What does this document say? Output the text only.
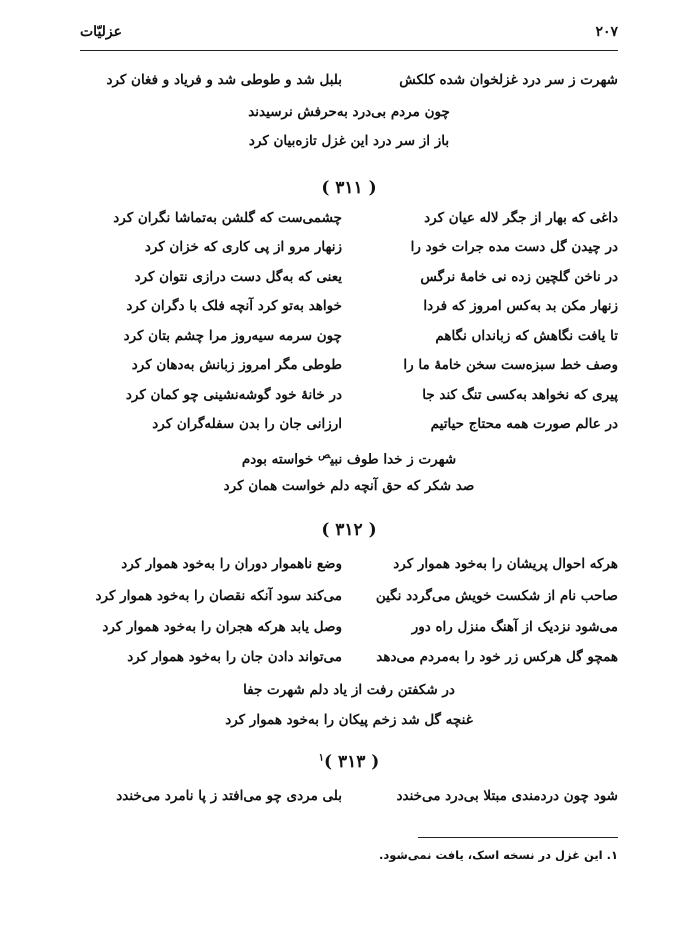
۲۰۷
عزلیّات
شهرت ز سر درد غزلخوان شده کلکش
بلبل شد و طوطی شد و فریاد و فغان کرد
چون مردم بی‌درد به‌حرفش نرسیدند
باز از سر درد این غزل تازه‌بیان کرد
( ۳۱۱ )
داغی که بهار از جگر لاله عیان کرد
چشمی‌ست که گلشن به‌تماشا نگران کرد
در چیدن گل دست مده جرات خود را
زنهار مرو از پی کاری که خزان کرد
در ناخن گلچین زده نی خامهٔ نرگس
یعنی که به‌گل دست درازی نتوان کرد
زنهار مکن بد به‌کس امروز که فردا
خواهد به‌تو کرد آنچه فلک با دگران کرد
تا یافت نگاهش که زبانداں نگاهم
چون سرمه سیه‌روز مرا چشم بتان کرد
وصف خط سبزه‌ست سخن خامهٔ ما را
طوطی مگر امروز زبانش به‌دهان کرد
پیری که نخواهد به‌کسی تنگ کند جا
در خانهٔ خود گوشه‌نشینی چو کمان کرد
در عالم صورت همه محتاج حیاتیم
ارزانی جان را بدن سفله‌گران کرد
شهرت ز خدا طوف نبی$^ص$ خواسته بودم
صد شکر که حق آنچه دلم خواست همان کرد
( ۳۱۲ )
هرکه احوال پریشان را به‌خود هموار کرد
وضع ناهموار دوران را به‌خود هموار کرد
صاحب نام از شکست خویش می‌گردد نگین
می‌کند سود آنکه نقصان را به‌خود هموار کرد
می‌شود نزدیک از آهنگ منزل راه دور
وصل یابد هرکه هجران را به‌خود هموار کرد
همچو گل هرکس زر خود را به‌مردم می‌دهد
می‌تواند دادن جان را به‌خود هموار کرد
در شکفتن رفت از یاد دلم شهرت جفا
غنچه گل شد زخم پیکان را به‌خود هموار کرد
( ۳۱۳ )$^۱$
شود چون دردمندی مبتلا بی‌درد می‌خندد
بلی مردی چو می‌افتد ز پا نامرد می‌خندد
۱. این غزل در نسخه اسک، یافت نمی‌شود.
